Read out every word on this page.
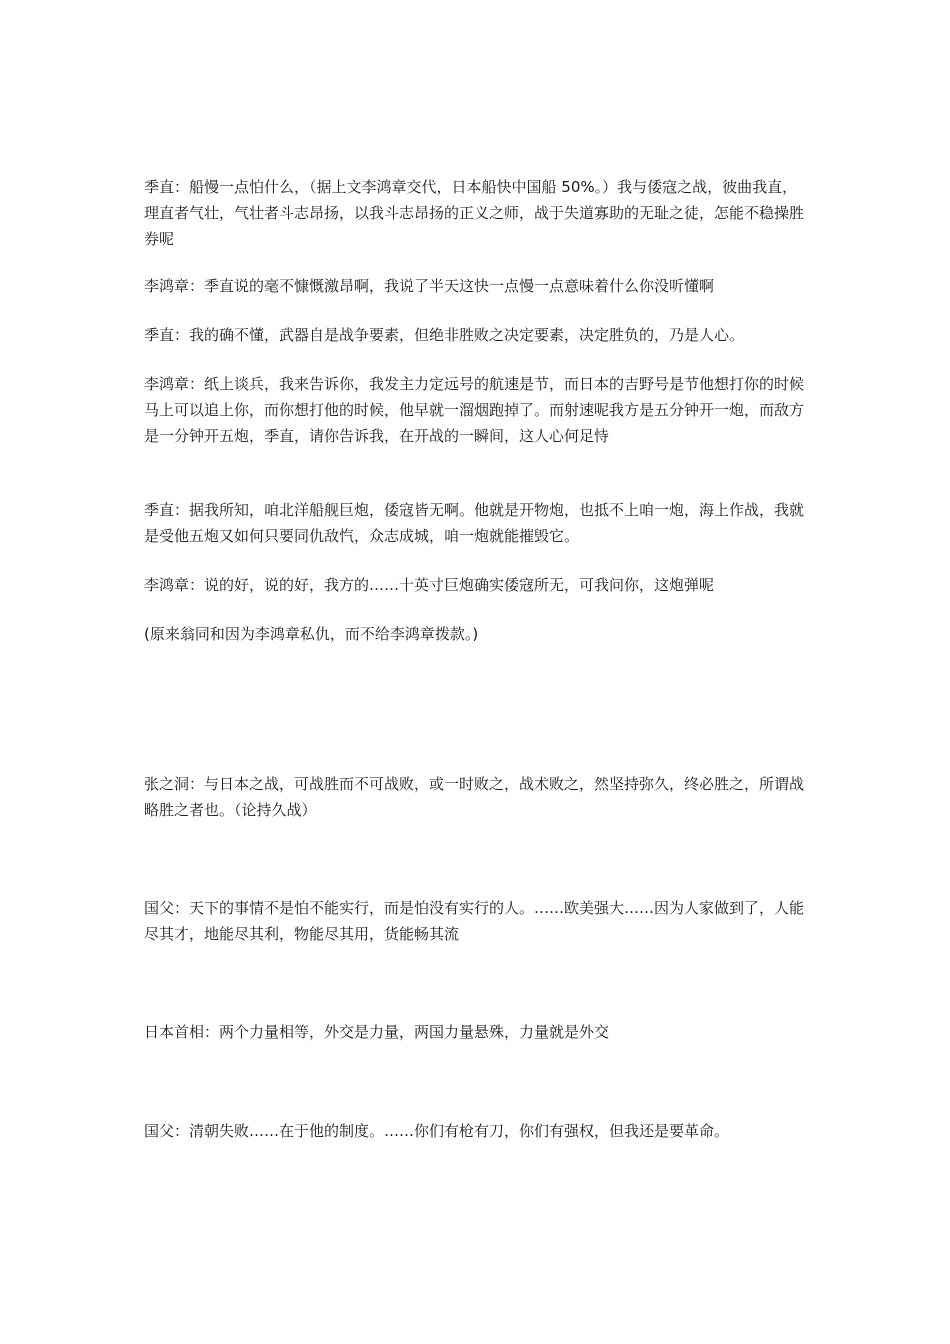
季直：船慢一点怕什么，（据上文李鸿章交代，日本船快中国船 50%。）我与倭寇之战，彼曲我直，理直者气壮，气壮者斗志昂扬，以我斗志昂扬的正义之师，战于失道寡助的无耻之徒，怎能不稳操胜券呢

李鸿章：季直说的毫不慷慨激昂啊，我说了半天这快一点慢一点意味着什么你没听懂啊

季直：我的确不懂，武器自是战争要素，但绝非胜败之决定要素，决定胜负的，乃是人心。

李鸿章：纸上谈兵，我来告诉你，我发主力定远号的航速是节，而日本的吉野号是节他想打你的时候马上可以追上你，而你想打他的时候，他早就一溜烟跑掉了。而射速呢我方是五分钟开一炮，而敌方是一分钟开五炮，季直，请你告诉我，在开战的一瞬间，这人心何足恃

季直：据我所知，咱北洋船舰巨炮，倭寇皆无啊。他就是开物炮，也抵不上咱一炮，海上作战，我就是受他五炮又如何只要同仇敌忾，众志成城，咱一炮就能摧毁它。

李鸿章：说的好，说的好，我方的……十英寸巨炮确实倭寇所无，可我问你，这炮弹呢

(原来翁同和因为李鸿章私仇，而不给李鸿章拨款。)

张之洞：与日本之战，可战胜而不可战败，或一时败之，战术败之，然坚持弥久，终必胜之，所谓战略胜之者也。（论持久战）

国父：天下的事情不是怕不能实行，而是怕没有实行的人。……欧美强大……因为人家做到了，人能尽其才，地能尽其利，物能尽其用，货能畅其流

日本首相：两个力量相等，外交是力量，两国力量悬殊，力量就是外交

国父：清朝失败……在于他的制度。……你们有枪有刀，你们有强权，但我还是要革命。
